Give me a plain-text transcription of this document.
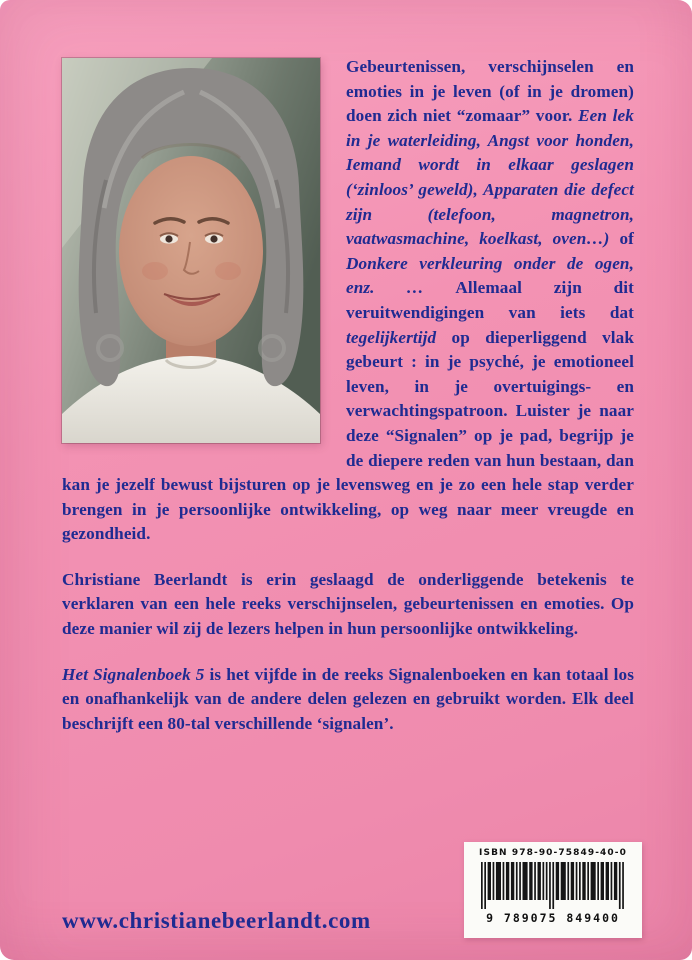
Gebeurtenissen, verschijnselen en emoties in je leven (of in je dromen) doen zich niet “zomaar” voor. Een lek in je waterleiding, Angst voor honden, Iemand wordt in elkaar geslagen (‘zinloos’ geweld), Apparaten die defect zijn (telefoon, magnetron, vaatwasmachine, koelkast, oven…) of Donkere verkleuring onder de ogen, enz. … Allemaal zijn dit veruitwendigingen van iets dat tegelijkertijd op dieperliggend vlak gebeurt : in je psyché, je emotioneel leven, in je overtuigings- en verwachtingspatroon. Luister je naar deze “Signalen” op je pad, begrijp je de diepere reden van hun bestaan, dan kan je jezelf bewust bijsturen op je levensweg en je zo een hele stap verder brengen in je persoonlijke ontwikkeling, op weg naar meer vreugde en gezondheid.

Christiane Beerlandt is erin geslaagd de onderliggende betekenis te verklaren van een hele reeks verschijnselen, gebeurtenissen en emoties. Op deze manier wil zij de lezers helpen in hun persoonlijke ontwikkeling.

Het Signalenboek 5 is het vijfde in de reeks Signalenboeken en kan totaal los en onafhankelijk van de andere delen gelezen en gebruikt worden. Elk deel beschrijft een 80-tal verschillende ‘signalen’.

www.christianebeerlandt.com
ISBN 978-90-75849-40-0
9 789075 849400
